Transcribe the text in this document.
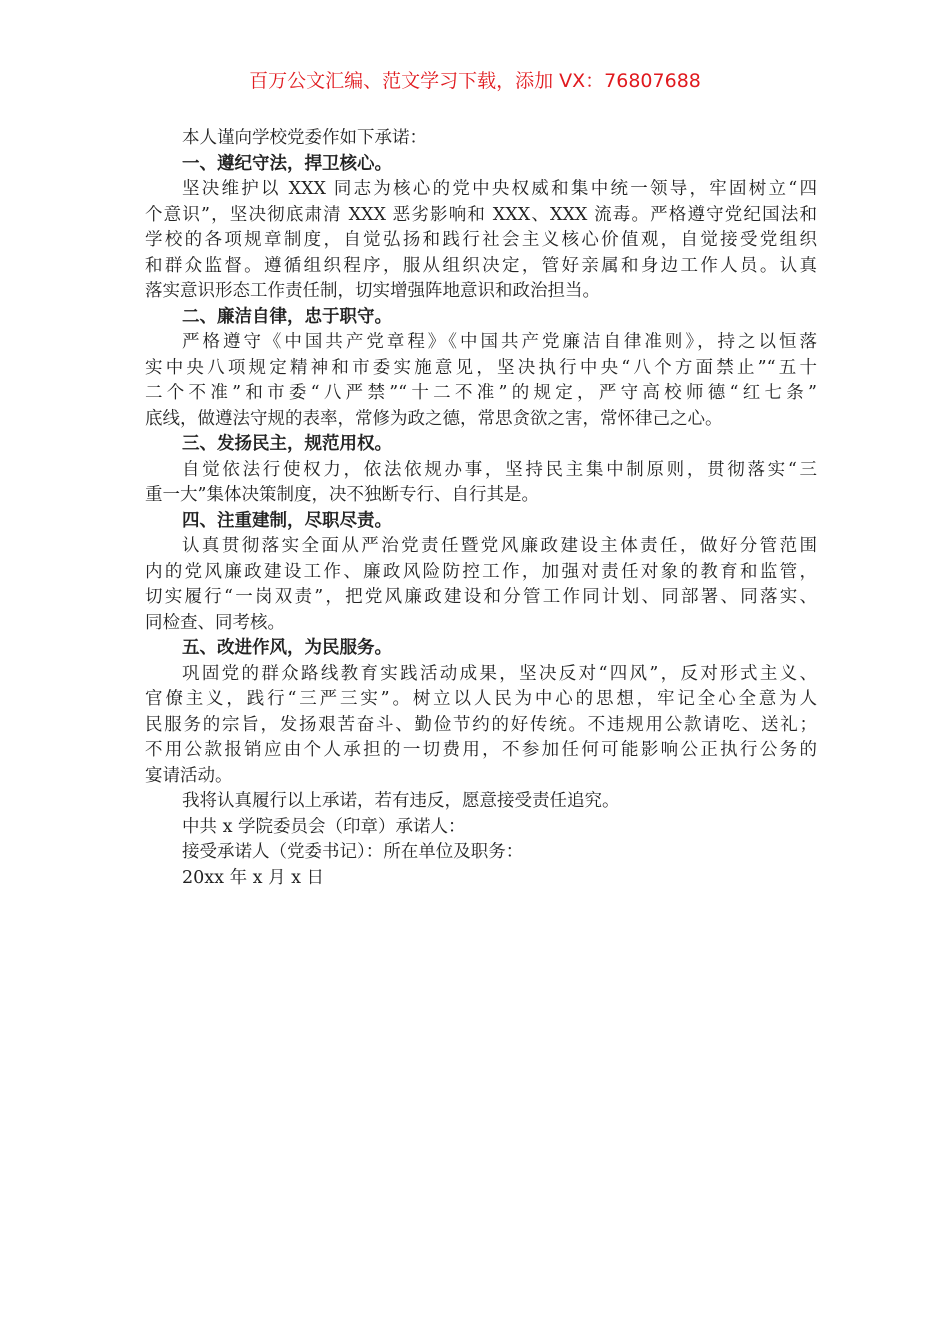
百万公文汇编、范文学习下载，添加 VX：76807688
本人谨向学校党委作如下承诺：
一、遵纪守法，捍卫核心。
坚决维护以 XXX 同志为核心的党中央权威和集中统一领导，牢固树立“四
个意识”，坚决彻底肃清 XXX 恶劣影响和 XXX、XXX 流毒。严格遵守党纪国法和
学校的各项规章制度，自觉弘扬和践行社会主义核心价值观，自觉接受党组织
和群众监督。遵循组织程序，服从组织决定，管好亲属和身边工作人员。认真
落实意识形态工作责任制，切实增强阵地意识和政治担当。
二、廉洁自律，忠于职守。
严格遵守《中国共产党章程》《中国共产党廉洁自律准则》，持之以恒落
实中央八项规定精神和市委实施意见，坚决执行中央“八个方面禁止”“五十
二个不准”和市委“八严禁”“十二不准”的规定，严守高校师德“红七条”
底线，做遵法守规的表率，常修为政之德，常思贪欲之害，常怀律己之心。
三、发扬民主，规范用权。
自觉依法行使权力，依法依规办事，坚持民主集中制原则，贯彻落实“三
重一大”集体决策制度，决不独断专行、自行其是。
四、注重建制，尽职尽责。
认真贯彻落实全面从严治党责任暨党风廉政建设主体责任，做好分管范围
内的党风廉政建设工作、廉政风险防控工作，加强对责任对象的教育和监管，
切实履行“一岗双责”，把党风廉政建设和分管工作同计划、同部署、同落实、
同检查、同考核。
五、改进作风，为民服务。
巩固党的群众路线教育实践活动成果，坚决反对“四风”，反对形式主义、
官僚主义，践行“三严三实”。树立以人民为中心的思想，牢记全心全意为人
民服务的宗旨，发扬艰苦奋斗、勤俭节约的好传统。不违规用公款请吃、送礼；
不用公款报销应由个人承担的一切费用，不参加任何可能影响公正执行公务的
宴请活动。
我将认真履行以上承诺，若有违反，愿意接受责任追究。
中共 x 学院委员会（印章）承诺人：
接受承诺人（党委书记）：所在单位及职务：
20xx 年 x 月 x 日
